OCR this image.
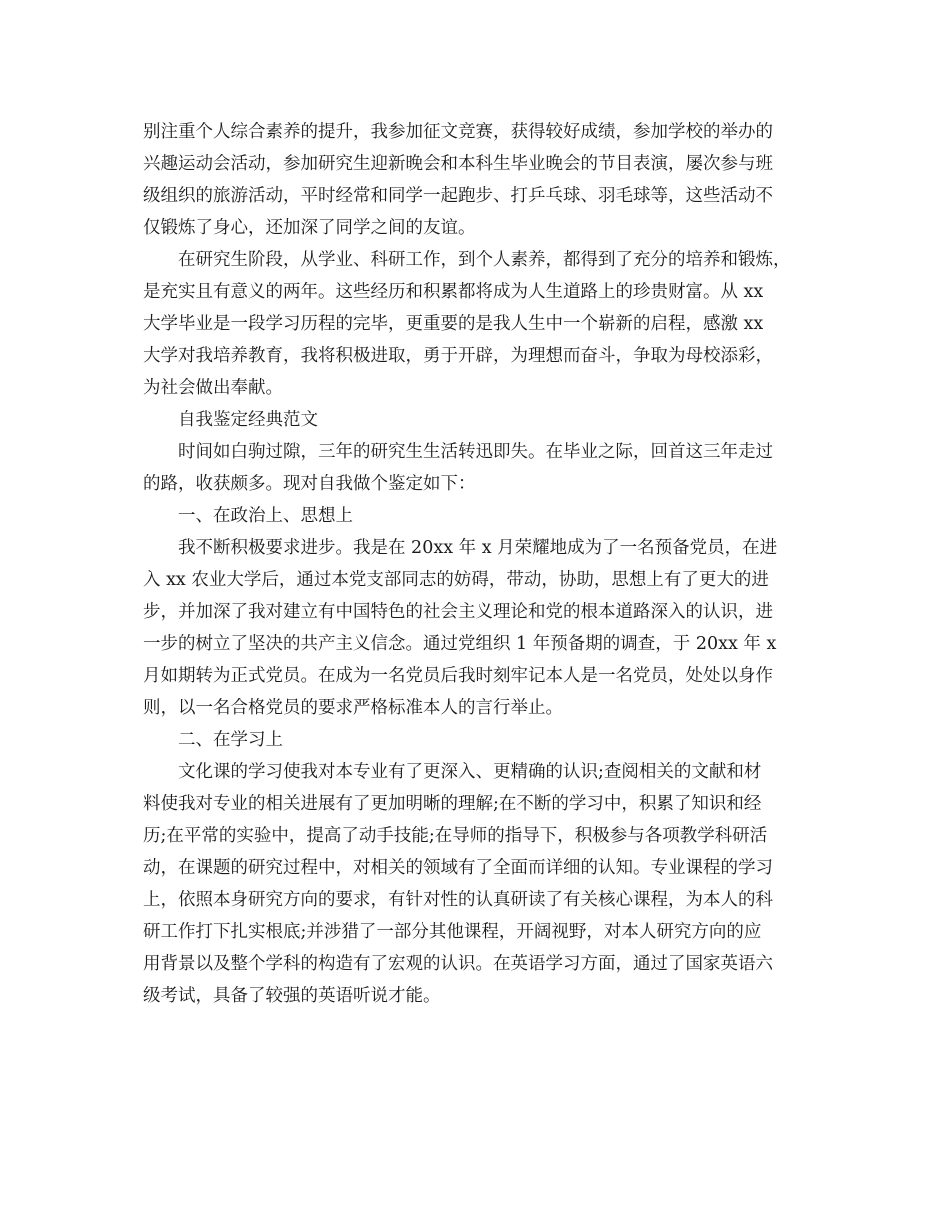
别注重个人综合素养的提升，我参加征文竞赛，获得较好成绩，参加学校的举办的
兴趣运动会活动，参加研究生迎新晚会和本科生毕业晚会的节目表演，屡次参与班
级组织的旅游活动，平时经常和同学一起跑步、打乒乓球、羽毛球等，这些活动不
仅锻炼了身心，还加深了同学之间的友谊。
在研究生阶段，从学业、科研工作，到个人素养，都得到了充分的培养和锻炼，
是充实且有意义的两年。这些经历和积累都将成为人生道路上的珍贵财富。从 xx
大学毕业是一段学习历程的完毕，更重要的是我人生中一个崭新的启程，感激 xx
大学对我培养教育，我将积极进取，勇于开辟，为理想而奋斗，争取为母校添彩，
为社会做出奉献。
自我鉴定经典范文
时间如白驹过隙，三年的研究生生活转迅即失。在毕业之际，回首这三年走过
的路，收获颇多。现对自我做个鉴定如下：
一、在政治上、思想上
我不断积极要求进步。我是在 20xx 年 x 月荣耀地成为了一名预备党员，在进
入 xx 农业大学后，通过本党支部同志的妨碍，带动，协助，思想上有了更大的进
步，并加深了我对建立有中国特色的社会主义理论和党的根本道路深入的认识，进
一步的树立了坚决的共产主义信念。通过党组织 1 年预备期的调查，于 20xx 年 x
月如期转为正式党员。在成为一名党员后我时刻牢记本人是一名党员，处处以身作
则，以一名合格党员的要求严格标准本人的言行举止。
二、在学习上
文化课的学习使我对本专业有了更深入、更精确的认识;查阅相关的文献和材
料使我对专业的相关进展有了更加明晰的理解;在不断的学习中，积累了知识和经
历;在平常的实验中，提高了动手技能;在导师的指导下，积极参与各项教学科研活
动，在课题的研究过程中，对相关的领域有了全面而详细的认知。专业课程的学习
上，依照本身研究方向的要求，有针对性的认真研读了有关核心课程，为本人的科
研工作打下扎实根底;并涉猎了一部分其他课程，开阔视野，对本人研究方向的应
用背景以及整个学科的构造有了宏观的认识。在英语学习方面，通过了国家英语六
级考试，具备了较强的英语听说才能。
